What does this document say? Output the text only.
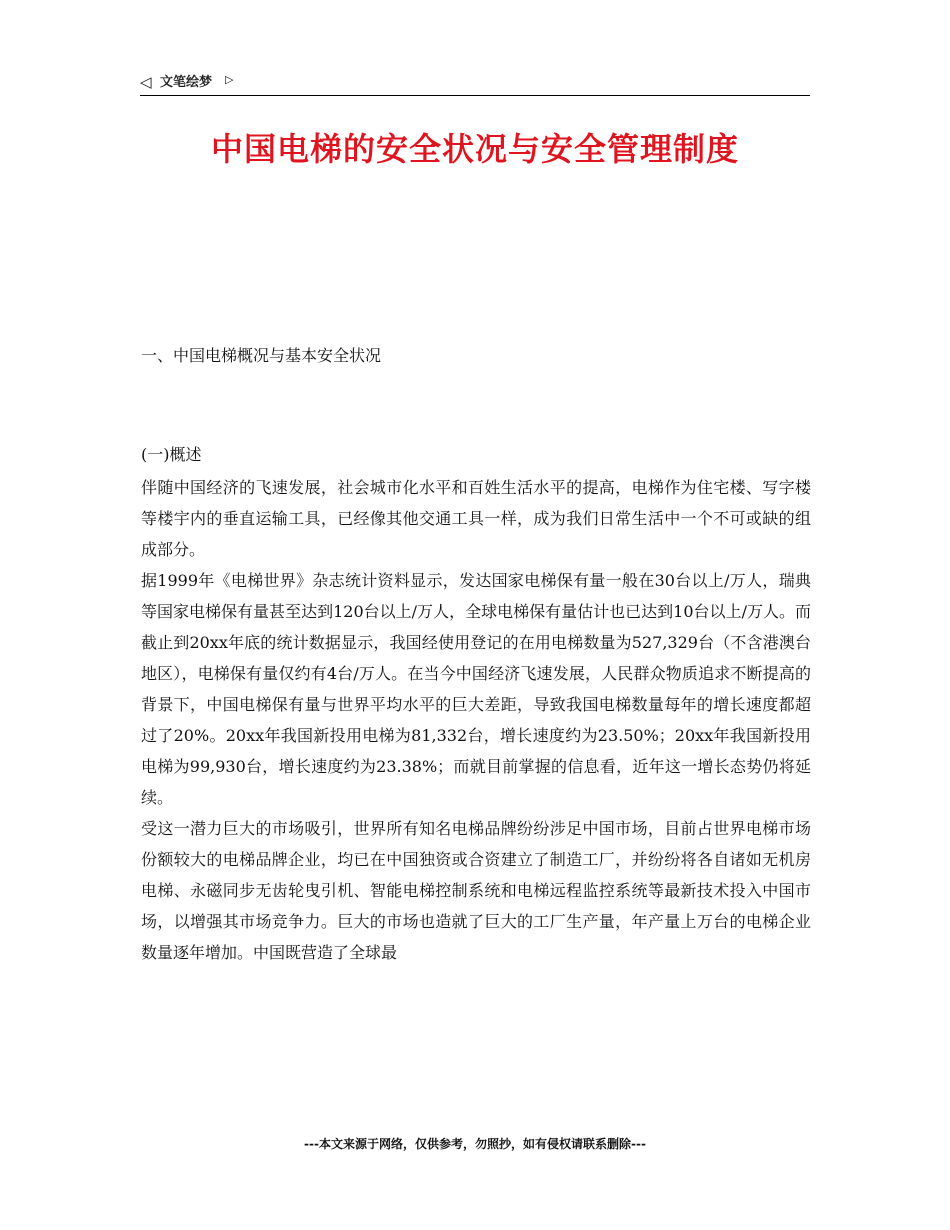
◁ 文笔绘梦 ▷
中国电梯的安全状况与安全管理制度
一、中国电梯概况与基本安全状况
(一)概述

伴随中国经济的飞速发展，社会城市化水平和百姓生活水平的提高，电梯作为住宅楼、写字楼等楼宇内的垂直运输工具，已经像其他交通工具一样，成为我们日常生活中一个不可或缺的组成部分。

据1999年《电梯世界》杂志统计资料显示，发达国家电梯保有量一般在30台以上/万人，瑞典等国家电梯保有量甚至达到120台以上/万人，全球电梯保有量估计也已达到10台以上/万人。而截止到20xx年底的统计数据显示，我国经使用登记的在用电梯数量为527,329台（不含港澳台地区），电梯保有量仅约有4台/万人。在当今中国经济飞速发展，人民群众物质追求不断提高的背景下，中国电梯保有量与世界平均水平的巨大差距，导致我国电梯数量每年的增长速度都超过了20%。20xx年我国新投用电梯为81,332台，增长速度约为23.50%；20xx年我国新投用电梯为99,930台，增长速度约为23.38%；而就目前掌握的信息看，近年这一增长态势仍将延续。

受这一潜力巨大的市场吸引，世界所有知名电梯品牌纷纷涉足中国市场，目前占世界电梯市场份额较大的电梯品牌企业，均已在中国独资或合资建立了制造工厂，并纷纷将各自诸如无机房电梯、永磁同步无齿轮曳引机、智能电梯控制系统和电梯远程监控系统等最新技术投入中国市场，以增强其市场竞争力。巨大的市场也造就了巨大的工厂生产量，年产量上万台的电梯企业数量逐年增加。中国既营造了全球最

---本文来源于网络，仅供参考，勿照抄，如有侵权请联系删除---
